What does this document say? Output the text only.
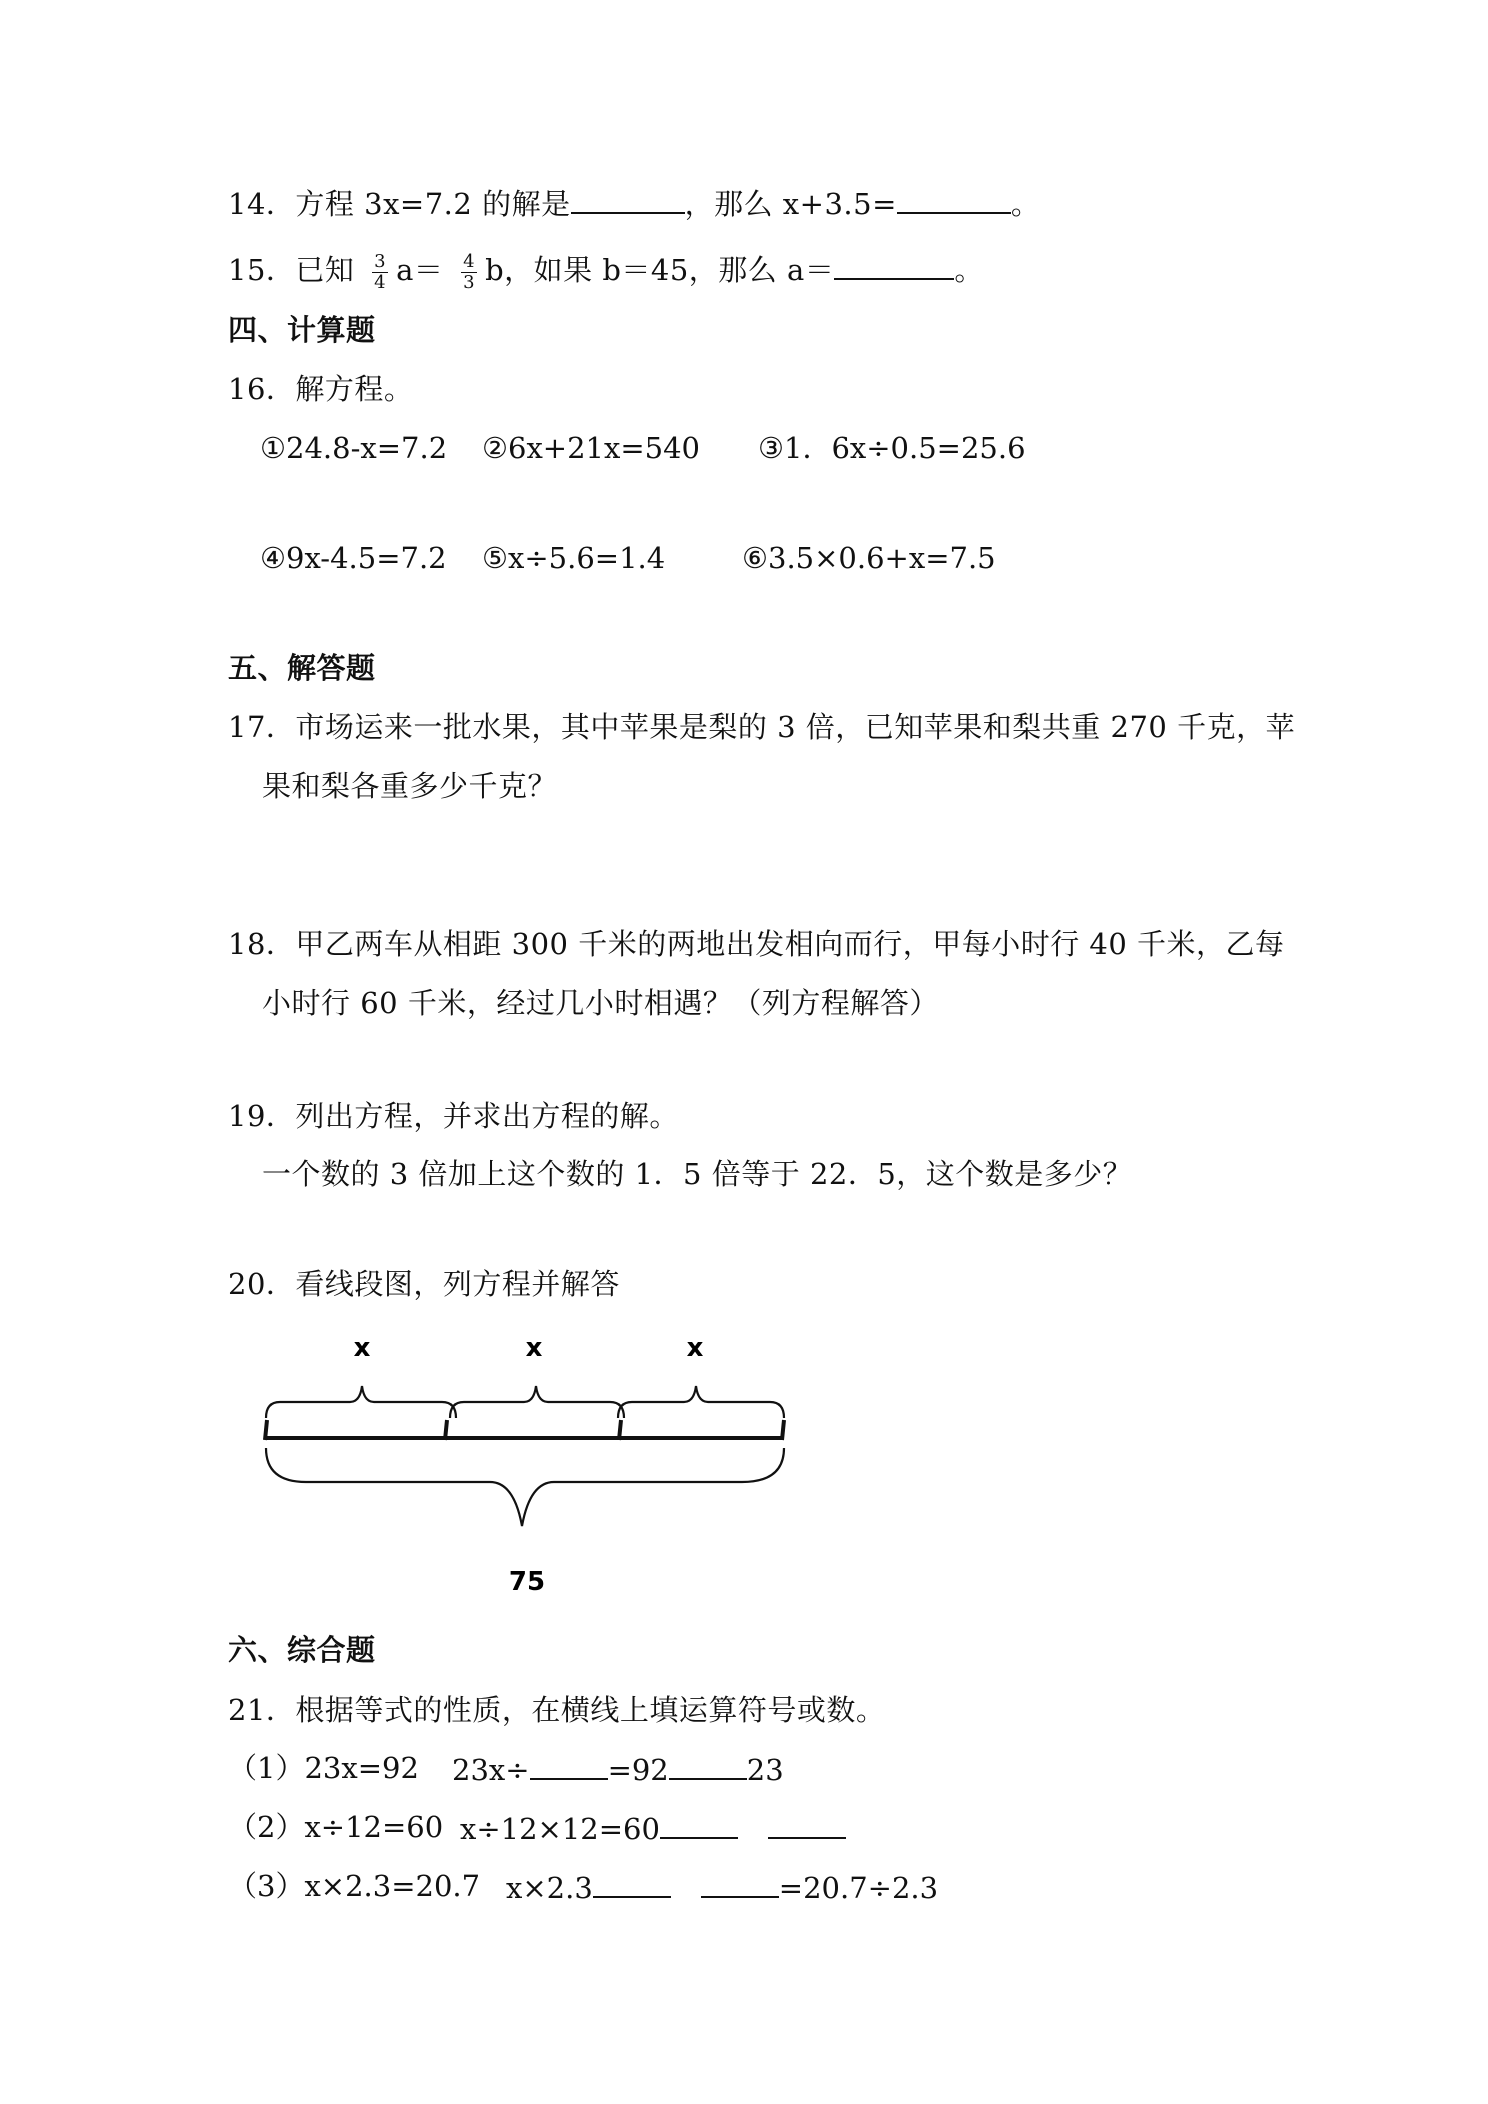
14．方程 3x=7.2 的解是	，那么 x+3.5=	。
15．已知 $\frac{3}{4} a= \frac{4}{3}$ b，如果 b＝45，那么 a＝	。
四、计算题
16．解方程。
①24.8-x=7.2 ②6x+21x=540 ③1．6x÷0.5=25.6
④9x-4.5=7.2 ⑤x÷5.6=1.4	⑥3.5×0.6+x=7.5
五、解答题
17．市场运来一批水果，其中苹果是梨的 3 倍，已知苹果和梨共重 270 千克，苹
果和梨各重多少千克？
18．甲乙两车从相距 300 千米的两地出发相向而行，甲每小时行 40 千米，乙每
小时行 60 千米，经过几小时相遇？（列方程解答）
19．列出方程，并求出方程的解。
一个数的 3 倍加上这个数的 1．5 倍等于 22．5，这个数是多少？
20．看线段图，列方程并解答
x	x	x
75
六、综合题
21．根据等式的性质，在横线上填运算符号或数。
（1）23x=92 23x÷	=92	23
（2）x÷12=60 x÷12×12=60
（3）x×2.3=20.7 x×2.3	=20.7÷2.3
